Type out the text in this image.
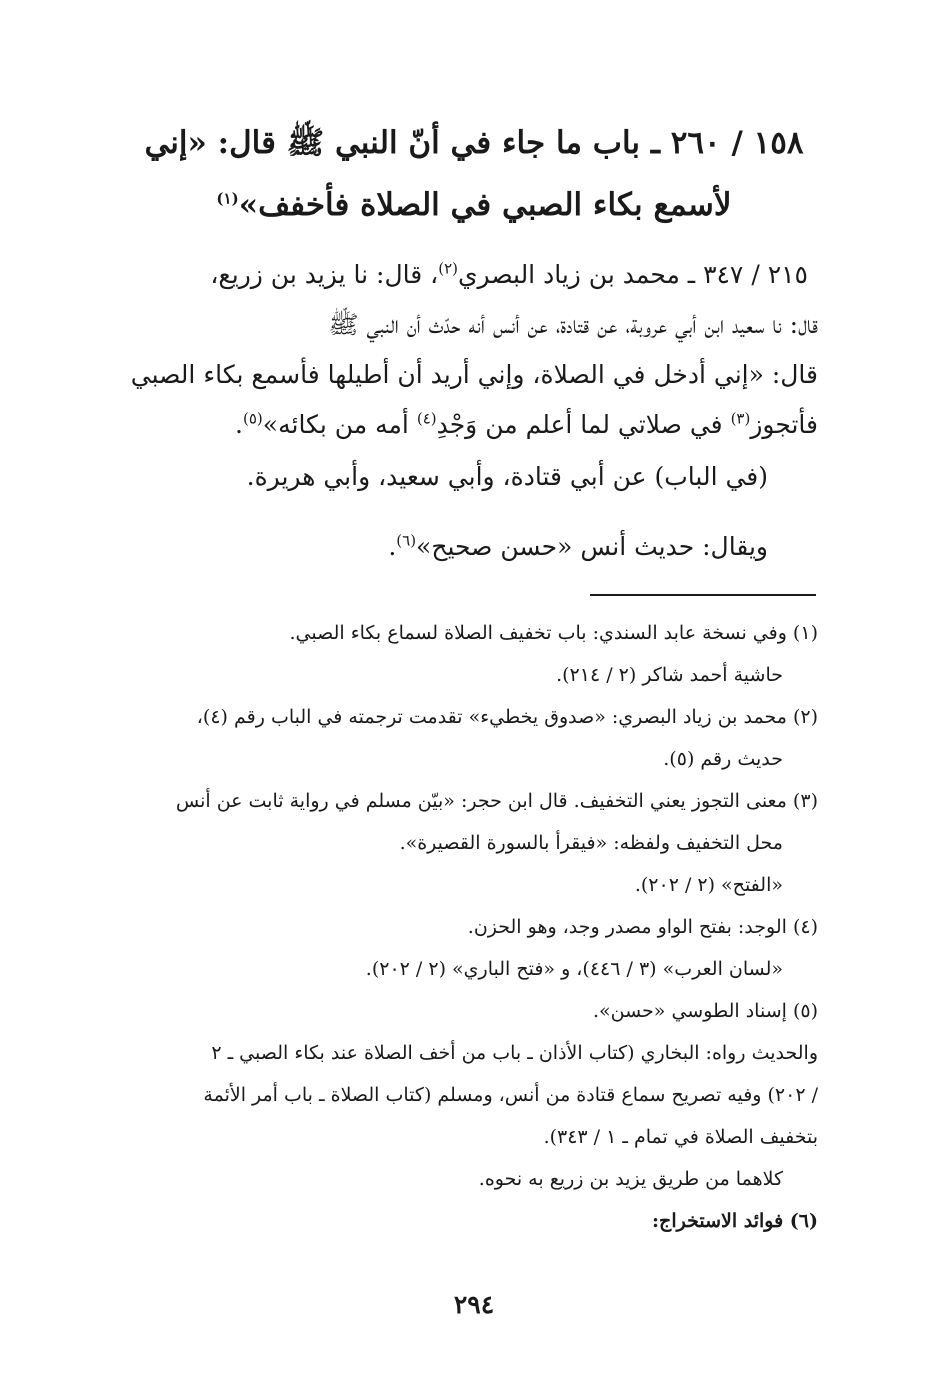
١٥٨ / ٢٦٠ ـ باب ما جاء في أنّ النبي ﷺ قال: «إني
لأسمع بكاء الصبي في الصلاة فأخفف»$^{(١)}$
٢١٥ / ٣٤٧ ـ محمد بن زياد البصري$^{(٢)}$، قال: نا يزيد بن زريع،
قال: نا سعيد ابن أبي عروبة، عن قتادة، عن أنس أنه حدّث أن النبي ﷺ
قال: «إني أدخل في الصلاة، وإني أريد أن أطيلها فأسمع بكاء الصبي
فأتجوز$^{(٣)}$ في صلاتي لما أعلم من وَجْدِ$^{(٤)}$ أمه من بكائه»$^{(٥)}$.
(في الباب) عن أبي قتادة، وأبي سعيد، وأبي هريرة.
ويقال: حديث أنس «حسن صحيح»$^{(٦)}$.
(١) وفي نسخة عابد السندي: باب تخفيف الصلاة لسماع بكاء الصبي.
حاشية أحمد شاكر (٢ / ٢١٤).
(٢) محمد بن زياد البصري: «صدوق يخطيء» تقدمت ترجمته في الباب رقم (٤)،
حديث رقم (٥).
(٣) معنى التجوز يعني التخفيف. قال ابن حجر: «بيّن مسلم في رواية ثابت عن أنس
محل التخفيف ولفظه: «فيقرأ بالسورة القصيرة».
«الفتح» (٢ / ٢٠٢).
(٤) الوجد: بفتح الواو مصدر وجد، وهو الحزن.
«لسان العرب» (٣ / ٤٤٦)، و «فتح الباري» (٢ / ٢٠٢).
(٥) إسناد الطوسي «حسن».
والحديث رواه: البخاري (كتاب الأذان ـ باب من أخف الصلاة عند بكاء الصبي ـ ٢
/ ٢٠٢) وفيه تصريح سماع قتادة من أنس، ومسلم (كتاب الصلاة ـ باب أمر الأئمة
بتخفيف الصلاة في تمام ـ ١ / ٣٤٣).
كلاهما من طريق يزيد بن زريع به نحوه.
(٦) فوائد الاستخراج:
٢٩٤
